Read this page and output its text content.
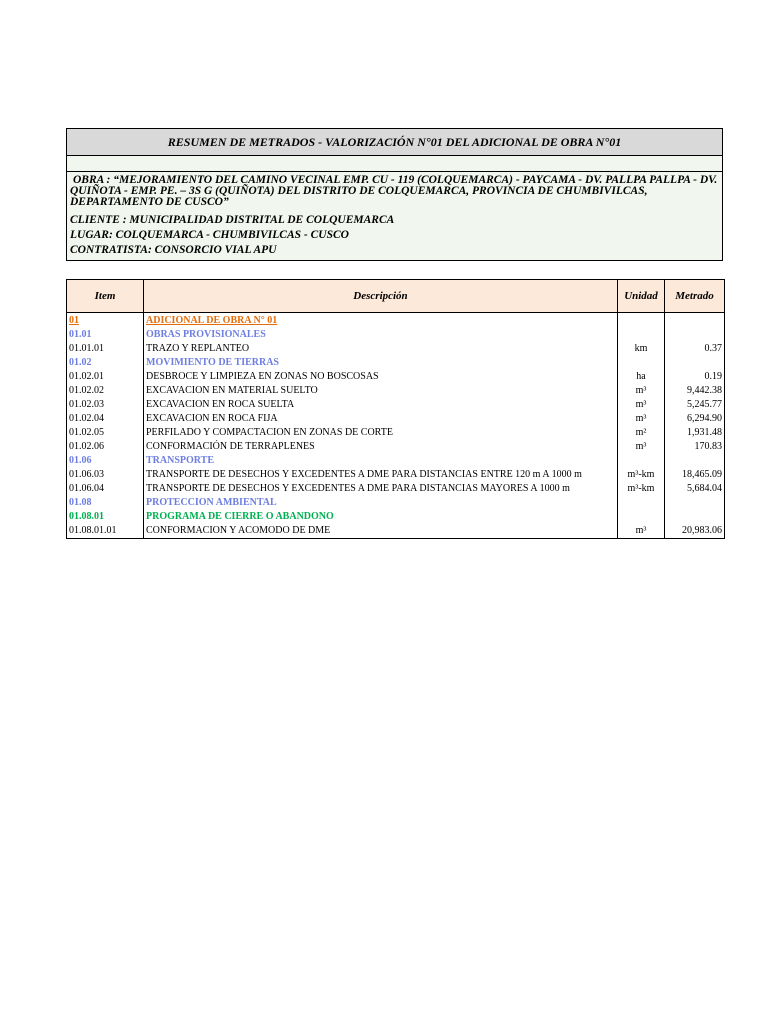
RESUMEN DE METRADOS - VALORIZACIÓN N°01 DEL ADICIONAL DE OBRA N°01
OBRA : “MEJORAMIENTO DEL CAMINO VECINAL EMP. CU - 119 (COLQUEMARCA) - PAYCAMA - DV. PALLPA PALLPA - DV. QUIÑOTA - EMP. PE. – 3S G (QUIÑOTA) DEL DISTRITO DE COLQUEMARCA, PROVINCIA DE CHUMBIVILCAS, DEPARTAMENTO DE CUSCO”
CLIENTE : MUNICIPALIDAD DISTRITAL DE COLQUEMARCA
LUGAR: COLQUEMARCA - CHUMBIVILCAS - CUSCO
CONTRATISTA: CONSORCIO VIAL APU
Item	Descripción	Unidad	Metrado
01	ADICIONAL DE OBRA N° 01		
01.01	OBRAS PROVISIONALES		
01.01.01	TRAZO Y REPLANTEO	km	0.37
01.02	MOVIMIENTO DE TIERRAS		
01.02.01	DESBROCE Y LIMPIEZA EN ZONAS NO BOSCOSAS	ha	0.19
01.02.02	EXCAVACION EN MATERIAL SUELTO	m³	9,442.38
01.02.03	EXCAVACION EN ROCA SUELTA	m³	5,245.77
01.02.04	EXCAVACION EN ROCA FIJA	m³	6,294.90
01.02.05	PERFILADO Y COMPACTACION EN ZONAS DE CORTE	m²	1,931.48
01.02.06	CONFORMACIÓN DE TERRAPLENES	m³	170.83
01.06	TRANSPORTE		
01.06.03	TRANSPORTE DE DESECHOS Y EXCEDENTES A DME PARA DISTANCIAS ENTRE 120 m A 1000 m	m³-km	18,465.09
01.06.04	TRANSPORTE DE DESECHOS Y EXCEDENTES A DME PARA DISTANCIAS MAYORES A 1000 m	m³-km	5,684.04
01.08	PROTECCION AMBIENTAL		
01.08.01	PROGRAMA DE CIERRE O ABANDONO		
01.08.01.01	CONFORMACION Y ACOMODO DE DME	m³	20,983.06
